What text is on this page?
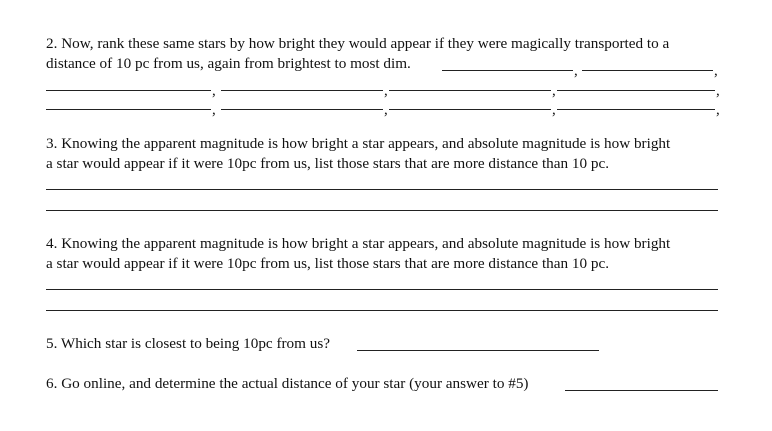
2. Now, rank these same stars by how bright they would appear if they were magically transported to a
distance of 10 pc from us, again from brightest to most dim.	,	,
,	,	,	,
,	,	,	,
3. Knowing the apparent magnitude is how bright a star appears, and absolute magnitude is how bright
a star would appear if it were 10pc from us, list those stars that are more distance than 10 pc.
4. Knowing the apparent magnitude is how bright a star appears, and absolute magnitude is how bright
a star would appear if it were 10pc from us, list those stars that are more distance than 10 pc.
5. Which star is closest to being 10pc from us?
6. Go online, and determine the actual distance of your star (your answer to #5)
